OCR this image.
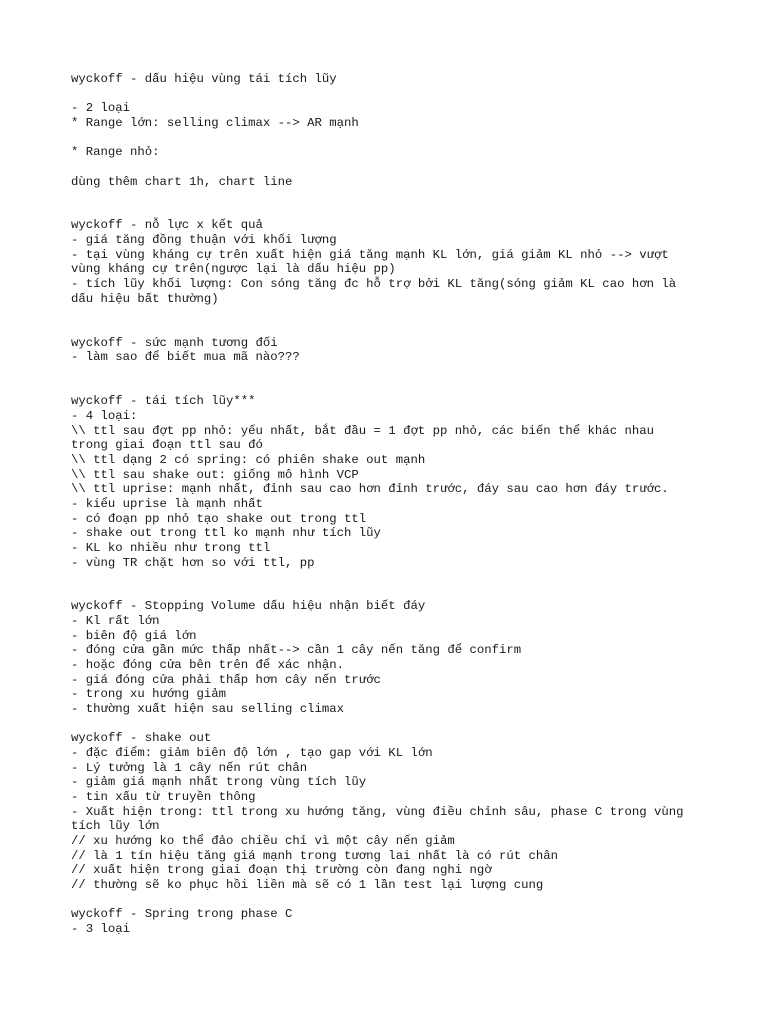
wyckoff - dấu hiệu vùng tái tích lũy
- 2 loại
* Range lớn: selling climax --> AR mạnh
* Range nhỏ:
dùng thêm chart 1h, chart line
wyckoff - nỗ lực x kết quả
- giá tăng đồng thuận với khối lượng
- tại vùng kháng cự trên xuất hiện giá tăng mạnh KL lớn, giá giảm KL nhỏ --> vượt
vùng kháng cự trên(ngược lại là dấu hiệu pp)
- tích lũy khối lượng: Con sóng tăng đc hỗ trợ bởi KL tăng(sóng giảm KL cao hơn là
dấu hiệu bất thường)
wyckoff - sức mạnh tương đối
- làm sao để biết mua mã nào???
wyckoff - tái tích lũy***
- 4 loại:
\\ ttl sau đợt pp nhỏ: yếu nhất, bắt đầu = 1 đợt pp nhỏ, các biến thể khác nhau
trong giai đoạn ttl sau đó
\\ ttl dạng 2 có spring: có phiên shake out mạnh
\\ ttl sau shake out: giống mô hình VCP
\\ ttl uprise: mạnh nhất, đỉnh sau cao hơn đỉnh trước, đáy sau cao hơn đáy trước.
- kiểu uprise là mạnh nhất
- có đoạn pp nhỏ tạo shake out trong ttl
- shake out trong ttl ko mạnh như tích lũy
- KL ko nhiều như trong ttl
- vùng TR chặt hơn so với ttl, pp
wyckoff - Stopping Volume dấu hiệu nhận biết đáy
- Kl rất lớn
- biên độ giá lớn
- đóng cửa gần mức thấp nhất--> cần 1 cây nến tăng để confirm
- hoặc đóng cửa bên trên để xác nhận.
- giá đóng cửa phải thấp hơn cây nến trước
- trong xu hướng giảm
- thường xuất hiện sau selling climax
wyckoff - shake out
- đặc điểm: giảm biên độ lớn , tạo gap với KL lớn
- Lý tưởng là 1 cây nến rút chân
- giảm giá mạnh nhất trong vùng tích lũy
- tin xấu từ truyền thông
- Xuất hiện trong: ttl trong xu hướng tăng, vùng điều chỉnh sâu, phase C trong vùng
tích lũy lớn
// xu hướng ko thể đảo chiều chỉ vì một cây nến giảm
// là 1 tín hiệu tăng giá mạnh trong tương lai nhất là có rút chân
// xuất hiện trong giai đoạn thị trường còn đang nghi ngờ
// thường sẽ ko phục hồi liền mà sẽ có 1 lần test lại lượng cung
wyckoff - Spring trong phase C
- 3 loại
